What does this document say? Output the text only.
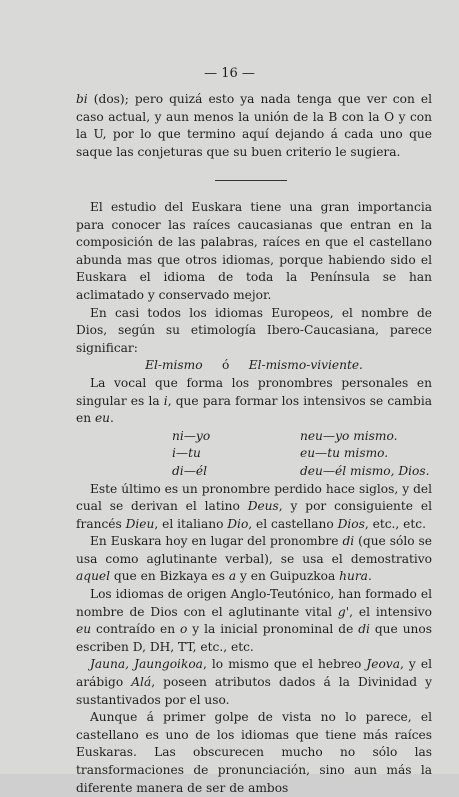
— 16 —

bi (dos); pero quizá esto ya nada tenga que ver con el caso actual, y aun menos la unión de la B con la O y con la U, por lo que termino aquí dejando á cada uno que saque las conjeturas que su buen criterio le sugiera.

El estudio del Euskara tiene una gran importancia para conocer las raíces caucasianas que entran en la composición de las palabras, raíces en que el castellano abunda mas que otros idiomas, porque habiendo sido el Euskara el idioma de toda la Península se han aclimatado y conservado mejor.

En casi todos los idiomas Europeos, el nombre de Dios, según su etimología Ibero-Caucasiana, parece significar:

El-mismo ó El-mismo-viviente.

La vocal que forma los pronombres personales en singular es la i, que para formar los intensivos se cambia en eu.

ni—yo	neu—yo mismo.
i—tu	eu—tu mismo.
di—él	deu—él mismo, Dios.

Este último es un pronombre perdido hace siglos, y del cual se derivan el latino Deus, y por consiguiente el francés Dieu, el italiano Dio, el castellano Dios, etc., etc.

En Euskara hoy en lugar del pronombre di (que sólo se usa como aglutinante verbal), se usa el demostrativo aquel que en Bizkaya es a y en Guipuzkoa hura.

Los idiomas de origen Anglo-Teutónico, han formado el nombre de Dios con el aglutinante vital g', el intensivo eu contraído en o y la inicial pronominal de di que unos escriben D, DH, TT, etc., etc.

Jauna, Jaungoikoa, lo mismo que el hebreo Jeova, y el arábigo Alá, poseen atributos dados á la Divinidad y sustantivados por el uso.

Aunque á primer golpe de vista no lo parece, el castellano es uno de los idiomas que tiene más raíces Euskaras. Las obscurecen mucho no sólo las transformaciones de pronunciación, sino aun más la diferente manera de ser de ambos
